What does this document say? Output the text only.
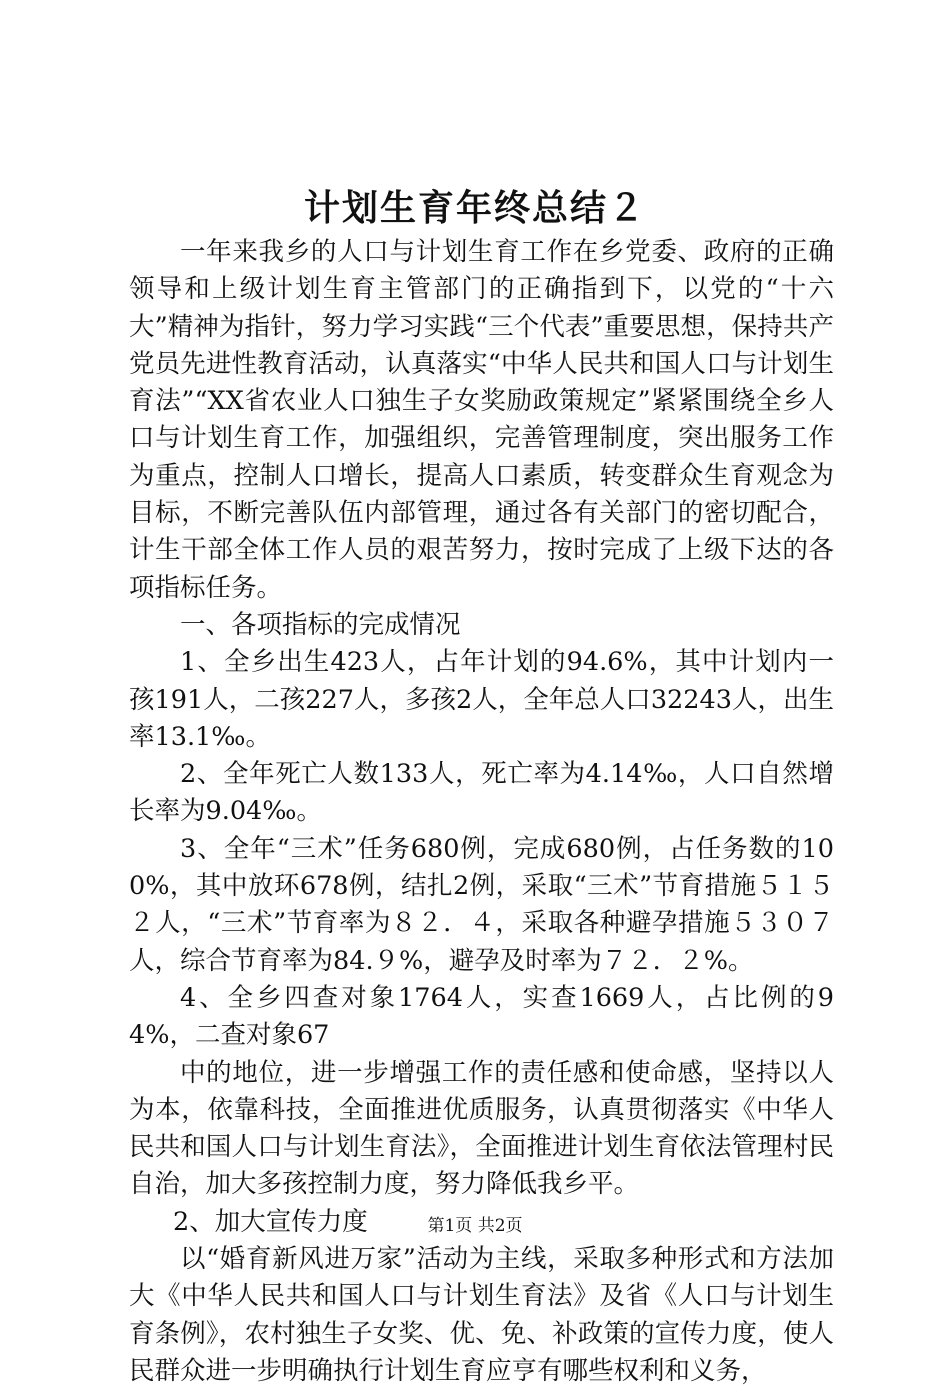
计划生育年终总结２

一年来我乡的人口与计划生育工作在乡党委、政府的正确领导和上级计划生育主管部门的正确指到下，以党的“十六大”精神为指针，努力学习实践“三个代表”重要思想，保持共产党员先进性教育活动，认真落实“中华人民共和国人口与计划生育法”“XX省农业人口独生子女奖励政策规定”紧紧围绕全乡人口与计划生育工作，加强组织，完善管理制度，突出服务工作为重点，控制人口增长，提高人口素质，转变群众生育观念为目标，不断完善队伍内部管理，通过各有关部门的密切配合，计生干部全体工作人员的艰苦努力，按时完成了上级下达的各项指标任务。

一、各项指标的完成情况

1、全乡出生423人，占年计划的94.6%，其中计划内一孩191人，二孩227人，多孩2人，全年总人口32243人，出生率13.1‰。

2、全年死亡人数133人，死亡率为4.14‰，人口自然增长率为9.04‰。

3、全年“三术”任务680例，完成680例，占任务数的100%，其中放环678例，结扎2例，采取“三术”节育措施５１５２人，“三术”节育率为８２．４，采取各种避孕措施５３０７人，综合节育率为84.９%，避孕及时率为７２．２%。

4、全乡四查对象1764人，实查1669人，占比例的94%，二查对象67

中的地位，进一步增强工作的责任感和使命感，坚持以人为本，依靠科技，全面推进优质服务，认真贯彻落实《中华人民共和国人口与计划生育法》，全面推进计划生育依法管理村民自治，加大多孩控制力度，努力降低我乡平。

2、加大宣传力度

以“婚育新风进万家”活动为主线，采取多种形式和方法加大《中华人民共和国人口与计划生育法》及省《人口与计划生育条例》，农村独生子女奖、优、免、补政策的宣传力度，使人民群众进一步明确执行计划生育应亨有哪些权利和义务，

第1页 共2页
